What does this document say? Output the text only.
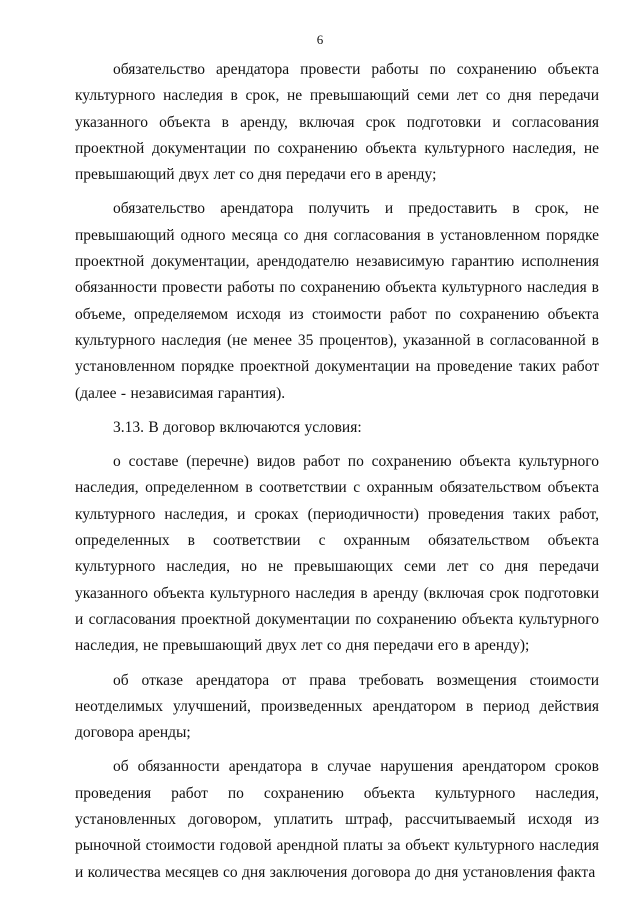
6

обязательство арендатора провести работы по сохранению объекта культурного наследия в срок, не превышающий семи лет со дня передачи указанного объекта в аренду, включая срок подготовки и согласования проектной документации по сохранению объекта культурного наследия, не превышающий двух лет со дня передачи его в аренду;

обязательство арендатора получить и предоставить в срок, не превышающий одного месяца со дня согласования в установленном порядке проектной документации, арендодателю независимую гарантию исполнения обязанности провести работы по сохранению объекта культурного наследия в объеме, определяемом исходя из стоимости работ по сохранению объекта культурного наследия (не менее 35 процентов), указанной в согласованной в установленном порядке проектной документации на проведение таких работ (далее - независимая гарантия).

3.13. В договор включаются условия:

о составе (перечне) видов работ по сохранению объекта культурного наследия, определенном в соответствии с охранным обязательством объекта культурного наследия, и сроках (периодичности) проведения таких работ, определенных в соответствии с охранным обязательством объекта культурного наследия, но не превышающих семи лет со дня передачи указанного объекта культурного наследия в аренду (включая срок подготовки и согласования проектной документации по сохранению объекта культурного наследия, не превышающий двух лет со дня передачи его в аренду);

об отказе арендатора от права требовать возмещения стоимости неотделимых улучшений, произведенных арендатором в период действия договора аренды;

об обязанности арендатора в случае нарушения арендатором сроков проведения работ по сохранению объекта культурного наследия, установленных договором, уплатить штраф, рассчитываемый исходя из рыночной стоимости годовой арендной платы за объект культурного наследия и количества месяцев со дня заключения договора до дня установления факта
